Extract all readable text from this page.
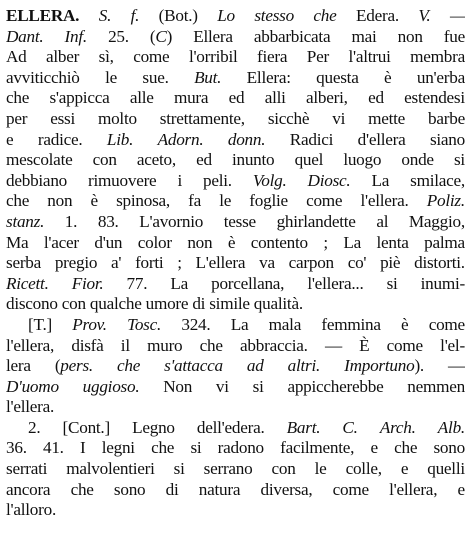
ELLERA. S. f. (Bot.) Lo stesso che Edera. V. —
Dant. Inf. 25. (C) Ellera abbarbicata mai non fue
Ad alber sì, come l'orribil fiera Per l'altrui membra
avviticchiò le sue. But. Ellera: questa è un'erba
che s'appicca alle mura ed alli alberi, ed estendesi
per essi molto strettamente, sicchè vi mette barbe
e radice. Lib. Adorn. donn. Radici d'ellera siano
mescolate con aceto, ed inunto quel luogo onde si
debbiano rimuovere i peli. Volg. Diosc. La smilace,
che non è spinosa, fa le foglie come l'ellera. Poliz.
stanz. 1. 83. L'avornio tesse ghirlandette al Maggio,
Ma l'acer d'un color non è contento ; La lenta palma
serba pregio a' forti ; L'ellera va carpon co' piè distorti.
Ricett. Fior. 77. La porcellana, l'ellera... si inumi-
discono con qualche umore di simile qualità.
[T.] Prov. Tosc. 324. La mala femmina è come
l'ellera, disfà il muro che abbraccia. — È come l'el-
lera (pers. che s'attacca ad altri. Importuno). —
D'uomo uggioso. Non vi si appiccherebbe nemmen
l'ellera.
2. [Cont.] Legno dell'edera. Bart. C. Arch. Alb.
36. 41. I legni che si radono facilmente, e che sono
serrati malvolentieri si serrano con le colle, e quelli
ancora che sono di natura diversa, come l'ellera, e
l'alloro.
